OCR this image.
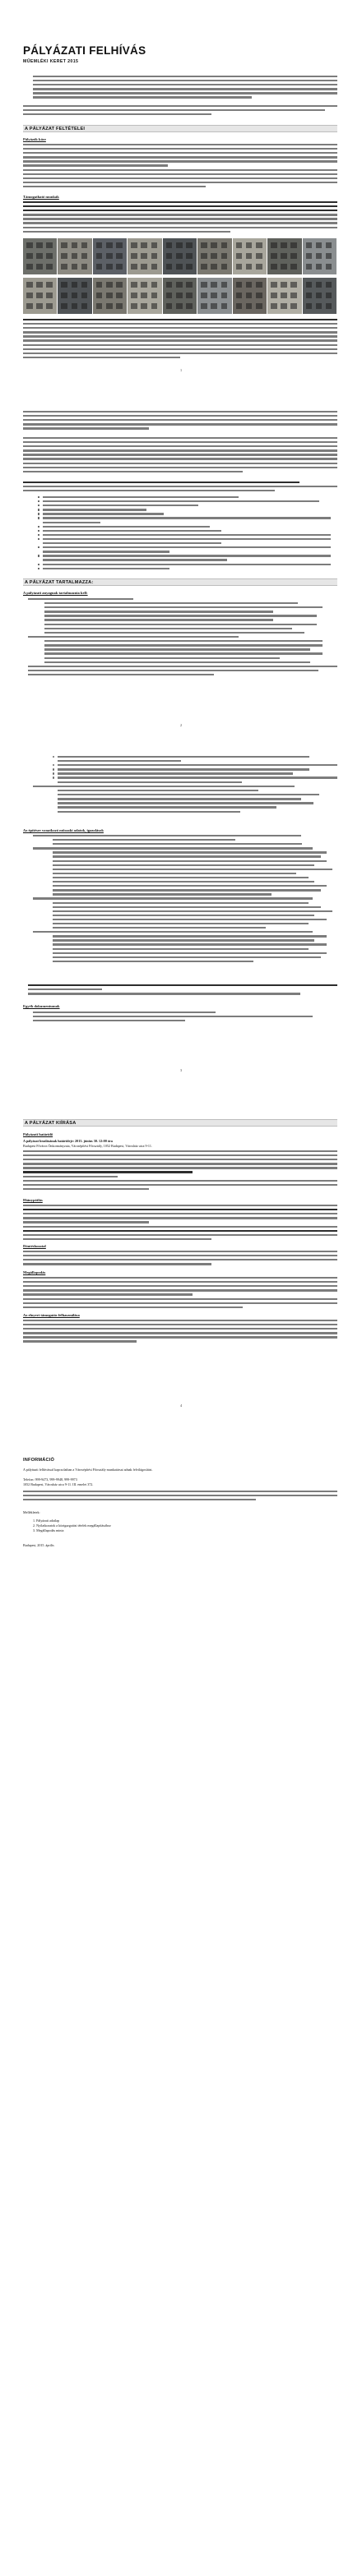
PÁLYÁZATI FELHÍVÁS
MŰEMLÉKI KERET 2015
A PÁLYÁZAT FELTÉTELEI
Pályázók köre
Támogatható munkák
1
A PÁLYÁZAT TARTALMAZZA:
A pályázati anyagnak tartalmaznia kell:
2
Az építésre vonatkozó műszaki adatok, igazolások
Egyéb dokumentumok
3
A PÁLYÁZAT KIÍRÁSA
Pályázati határidő
A pályázat beadásának határideje: 2015. június 30. 12:00 óra
Budapest Főváros Önkormányzata, Városépítési Főosztály, 1052 Budapest, Városház utca 9-11.
Hiánypótlás
Döntéshozatal
Megállapodás
Az elnyert támogatás felhasználása
4
INFORMÁCIÓ
A pályázati felhívással kapcsolatban a Városépítési Főosztály munkatársai adnak felvilágosítást.
Telefon: 999-9473, 999-9948, 999-9973
1052 Budapest, Városház utca 9-11. III. emelet 372.
Mellékletek:
1. Pályázati adatlap
2. Nyilatkozatok a közigazgatási tételek megállapításához
3. Megállapodás minta
Budapest, 2015. április
